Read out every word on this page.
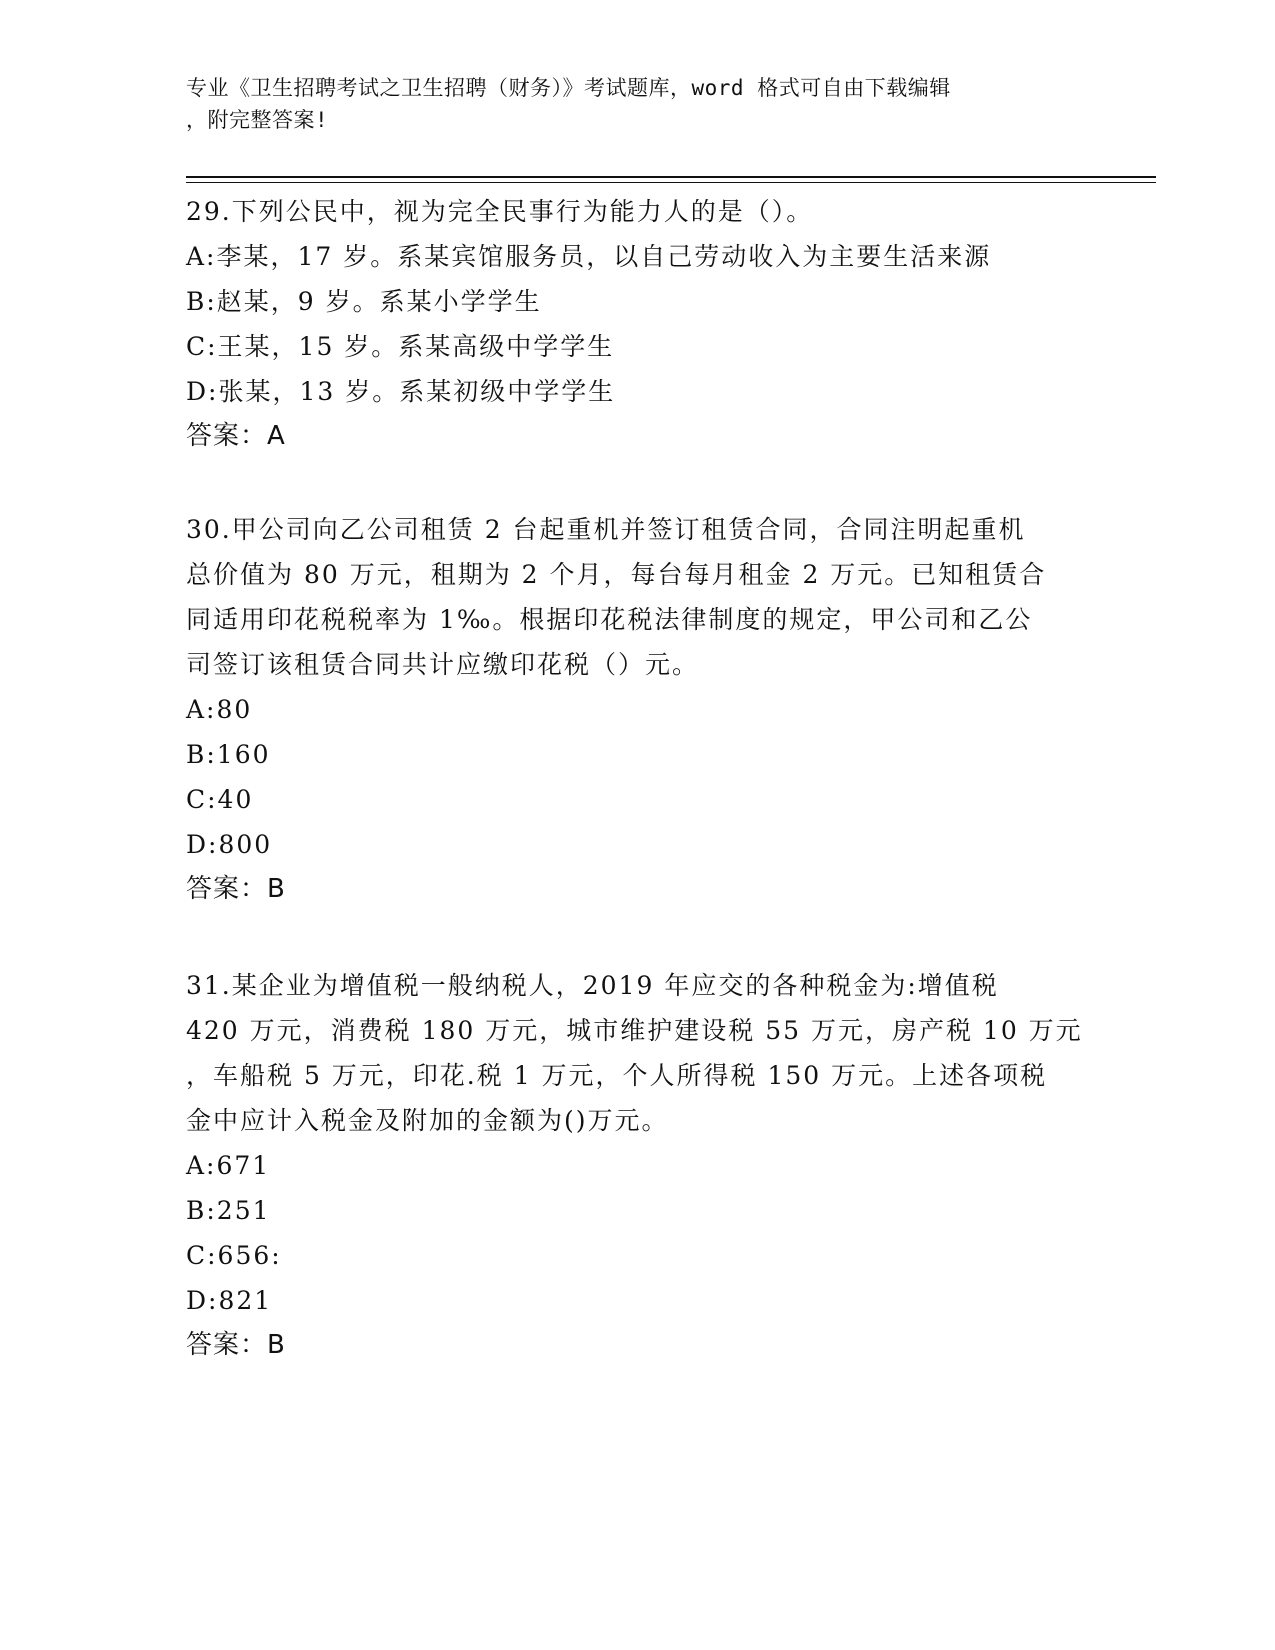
专业《卫生招聘考试之卫生招聘（财务）》考试题库，word 格式可自由下载编辑
，附完整答案!
29.下列公民中，视为完全民事行为能力人的是（）。
A:李某，17 岁。系某宾馆服务员，以自己劳动收入为主要生活来源
B:赵某，9 岁。系某小学学生
C:王某，15 岁。系某高级中学学生
D:张某，13 岁。系某初级中学学生
答案：A
30.甲公司向乙公司租赁 2 台起重机并签订租赁合同，合同注明起重机
总价值为 80 万元，租期为 2 个月，每台每月租金 2 万元。已知租赁合
同适用印花税税率为 1‰。根据印花税法律制度的规定，甲公司和乙公
司签订该租赁合同共计应缴印花税（）元。
A:80
B:160
C:40
D:800
答案：B
31.某企业为增值税一般纳税人，2019 年应交的各种税金为:增值税
420 万元，消费税 180 万元，城市维护建设税 55 万元，房产税 10 万元
，车船税 5 万元，印花.税 1 万元，个人所得税 150 万元。上述各项税
金中应计入税金及附加的金额为()万元。
A:671
B:251
C:656:
D:821
答案：B
